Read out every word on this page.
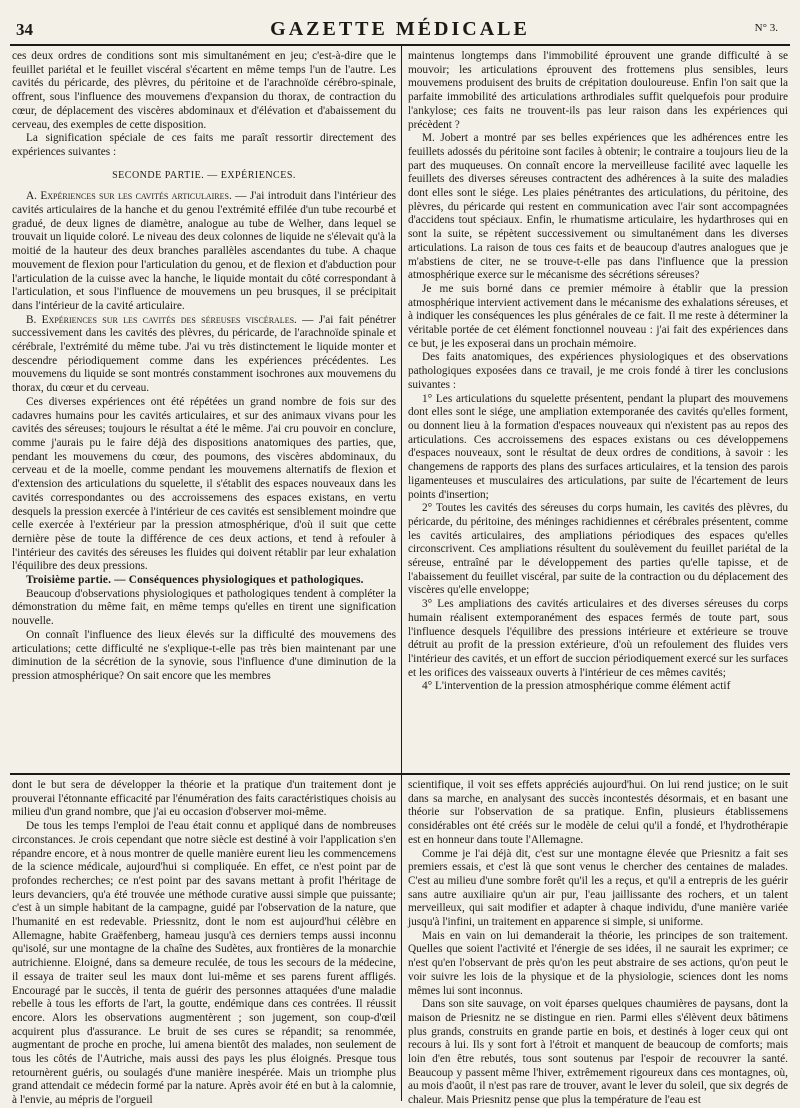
34	GAZETTE MÉDICALE	N° 3.

ces deux ordres de conditions sont mis simultanément en jeu; c'est-à-dire que le feuillet pariétal et le feuillet viscéral s'écartent en même temps l'un de l'autre. Les cavités du péricarde, des plèvres, du péritoine et de l'arachnoïde cérébro-spinale, offrent, sous l'influence des mouvemens d'expansion du thorax, de contraction du cœur, de déplacement des viscères abdominaux et d'élévation et d'abaissement du cerveau, des exemples de cette disposition.

La signification spéciale de ces faits me paraît ressortir directement des expériences suivantes :

SECONDE PARTIE. — EXPÉRIENCES.

A. Expériences sur les cavités articulaires. — J'ai introduit dans l'intérieur des cavités articulaires de la hanche et du genou l'extrémité effilée d'un tube recourbé et gradué, de deux lignes de diamètre, analogue au tube de Welher, dans lequel se trouvait un liquide coloré. Le niveau des deux colonnes de liquide ne s'élevait qu'à la moitié de la hauteur des deux branches parallèles ascendantes du tube. A chaque mouvement de flexion pour l'articulation du genou, et de flexion et d'abduction pour l'articulation de la cuisse avec la hanche, le liquide montait du côté correspondant à l'articulation, et sous l'influence de mouvemens un peu brusques, il se précipitait dans l'intérieur de la cavité articulaire.

B. Expériences sur les cavités des séreuses viscérales. — J'ai fait pénétrer successivement dans les cavités des plèvres, du péricarde, de l'arachnoïde spinale et cérébrale, l'extrémité du même tube. J'ai vu très distinctement le liquide monter et descendre périodiquement comme dans les expériences précédentes. Les mouvemens du liquide se sont montrés constamment isochrones aux mouvemens du thorax, du cœur et du cerveau.

Ces diverses expériences ont été répétées un grand nombre de fois sur des cadavres humains pour les cavités articulaires, et sur des animaux vivans pour les cavités des séreuses; toujours le résultat a été le même. J'ai cru pouvoir en conclure, comme j'aurais pu le faire déjà des dispositions anatomiques des parties, que, pendant les mouvemens du cœur, des poumons, des viscères abdominaux, du cerveau et de la moelle, comme pendant les mouvemens alternatifs de flexion et d'extension des articulations du squelette, il s'établit des espaces nouveaux dans les cavités correspondantes ou des accroissemens des espaces existans, en vertu desquels la pression exercée à l'intérieur de ces cavités est sensiblement moindre que celle exercée à l'extérieur par la pression atmosphérique, d'où il suit que cette dernière pèse de toute la différence de ces deux actions, et tend à refouler à l'intérieur des cavités des séreuses les fluides qui doivent rétablir par leur exhalation l'équilibre des deux pressions.

Troisième partie. — Conséquences physiologiques et pathologiques.

Beaucoup d'observations physiologiques et pathologiques tendent à compléter la démonstration du même fait, en même temps qu'elles en tirent une signification nouvelle.

On connaît l'influence des lieux élevés sur la difficulté des mouvemens des articulations; cette difficulté ne s'explique-t-elle pas très bien maintenant par une diminution de la sécrétion de la synovie, sous l'influence d'une diminution de la pression atmosphérique? On sait encore que les membres

maintenus longtemps dans l'immobilité éprouvent une grande difficulté à se mouvoir; les articulations éprouvent des frottemens plus sensibles, leurs mouvemens produisent des bruits de crépitation douloureuse. Enfin l'on sait que la parfaite immobilité des articulations arthrodiales suffit quelquefois pour produire l'ankylose; ces faits ne trouvent-ils pas leur raison dans les expériences qui précèdent ?

M. Jobert a montré par ses belles expériences que les adhérences entre les feuillets adossés du péritoine sont faciles à obtenir; le contraire a toujours lieu de la part des muqueuses. On connaît encore la merveilleuse facilité avec laquelle les feuillets des diverses séreuses contractent des adhérences à la suite des maladies dont elles sont le siége. Les plaies pénétrantes des articulations, du péritoine, des plèvres, du péricarde qui restent en communication avec l'air sont accompagnées d'accidens tout spéciaux. Enfin, le rhumatisme articulaire, les hydarthroses qui en sont la suite, se répètent successivement ou simultanément dans les diverses articulations. La raison de tous ces faits et de beaucoup d'autres analogues que je m'abstiens de citer, ne se trouve-t-elle pas dans l'influence que la pression atmosphérique exerce sur le mécanisme des sécrétions séreuses?

Je me suis borné dans ce premier mémoire à établir que la pression atmosphérique intervient activement dans le mécanisme des exhalations séreuses, et à indiquer les conséquences les plus générales de ce fait. Il me reste à déterminer la véritable portée de cet élément fonctionnel nouveau : j'ai fait des expériences dans ce but, je les exposerai dans un prochain mémoire.

Des faits anatomiques, des expériences physiologiques et des observations pathologiques exposées dans ce travail, je me crois fondé à tirer les conclusions suivantes :

1° Les articulations du squelette présentent, pendant la plupart des mouvemens dont elles sont le siége, une ampliation extemporanée des cavités qu'elles forment, ou donnent lieu à la formation d'espaces nouveaux qui n'existent pas au repos des articulations. Ces accroissemens des espaces existans ou ces développemens d'espaces nouveaux, sont le résultat de deux ordres de conditions, à savoir : les changemens de rapports des plans des surfaces articulaires, et la tension des parois ligamenteuses et musculaires des articulations, par suite de l'écartement de leurs points d'insertion;

2° Toutes les cavités des séreuses du corps humain, les cavités des plèvres, du péricarde, du péritoine, des méninges rachidiennes et cérébrales présentent, comme les cavités articulaires, des ampliations périodiques des espaces qu'elles circonscrivent. Ces ampliations résultent du soulèvement du feuillet pariétal de la séreuse, entraîné par le développement des parties qu'elle tapisse, et de l'abaissement du feuillet viscéral, par suite de la contraction ou du déplacement des viscères qu'elle enveloppe;

3° Les ampliations des cavités articulaires et des diverses séreuses du corps humain réalisent extemporanément des espaces fermés de toute part, sous l'influence desquels l'équilibre des pressions intérieure et extérieure se trouve détruit au profit de la pression extérieure, d'où un refoulement des fluides vers l'intérieur des cavités, et un effort de succion périodiquement exercé sur les surfaces et les orifices des vaisseaux ouverts à l'intérieur de ces mêmes cavités;

4° L'intervention de la pression atmosphérique comme élément actif

dont le but sera de développer la théorie et la pratique d'un traitement dont je prouverai l'étonnante efficacité par l'énumération des faits caractéristiques choisis au milieu d'un grand nombre, que j'ai eu occasion d'observer moi-même.

De tous les temps l'emploi de l'eau était connu et appliqué dans de nombreuses circonstances. Je crois cependant que notre siècle est destiné à voir l'application s'en répandre encore, et à nous montrer de quelle manière eurent lieu les commencemens de la science médicale, aujourd'hui si compliquée. En effet, ce n'est point par de profondes recherches; ce n'est point par des savans mettant à profit l'héritage de leurs devanciers, qu'a été trouvée une méthode curative aussi simple que puissante; c'est à un simple habitant de la campagne, guidé par l'observation de la nature, que l'humanité en est redevable. Priessnitz, dont le nom est aujourd'hui célèbre en Allemagne, habite Graëfenberg, hameau jusqu'à ces derniers temps aussi inconnu qu'isolé, sur une montagne de la chaîne des Sudètes, aux frontières de la monarchie autrichienne. Eloigné, dans sa demeure reculée, de tous les secours de la médecine, il essaya de traiter seul les maux dont lui-même et ses parens furent affligés. Encouragé par le succès, il tenta de guérir des personnes attaquées d'une maladie rebelle à tous les efforts de l'art, la goutte, endémique dans ces contrées. Il réussit encore. Alors les observations augmentèrent ; son jugement, son coup-d'œil acquirent plus d'assurance. Le bruit de ses cures se répandit; sa renommée, augmentant de proche en proche, lui amena bientôt des malades, non seulement de tous les côtés de l'Autriche, mais aussi des pays les plus éloignés. Presque tous retournèrent guéris, ou soulagés d'une manière inespérée. Mais un triomphe plus grand attendait ce médecin formé par la nature. Après avoir été en but à la calomnie, à l'envie, au mépris de l'orgueil

scientifique, il voit ses effets appréciés aujourd'hui. On lui rend justice; on le suit dans sa marche, en analysant des succès incontestés désormais, et en basant une théorie sur l'observation de sa pratique. Enfin, plusieurs établissemens considérables ont été créés sur le modèle de celui qu'il a fondé, et l'hydrothérapie est en honneur dans toute l'Allemagne.

Comme je l'ai déjà dit, c'est sur une montagne élevée que Priesnitz a fait ses premiers essais, et c'est là que sont venus le chercher des centaines de malades. C'est au milieu d'une sombre forêt qu'il les a reçus, et qu'il a entrepris de les guérir sans autre auxiliaire qu'un air pur, l'eau jaillissante des rochers, et un talent merveilleux, qui sait modifier et adapter à chaque individu, d'une manière variée jusqu'à l'infini, un traitement en apparence si simple, si uniforme.

Mais en vain on lui demanderait la théorie, les principes de son traitement. Quelles que soient l'activité et l'énergie de ses idées, il ne saurait les exprimer; ce n'est qu'en l'observant de près qu'on les peut abstraire de ses actions, qu'on peut le voir suivre les lois de la physique et de la physiologie, sciences dont les noms mêmes lui sont inconnus.

Dans son site sauvage, on voit éparses quelques chaumières de paysans, dont la maison de Priesnitz ne se distingue en rien. Parmi elles s'élèvent deux bâtimens plus grands, construits en grande partie en bois, et destinés à loger ceux qui ont recours à lui. Ils y sont fort à l'étroit et manquent de beaucoup de comforts; mais loin d'en être rebutés, tous sont soutenus par l'espoir de recouvrer la santé. Beaucoup y passent même l'hiver, extrêmement rigoureux dans ces montagnes, où, au mois d'août, il n'est pas rare de trouver, avant le lever du soleil, que six degrés de chaleur. Mais Priesnitz pense que plus la température de l'eau est
